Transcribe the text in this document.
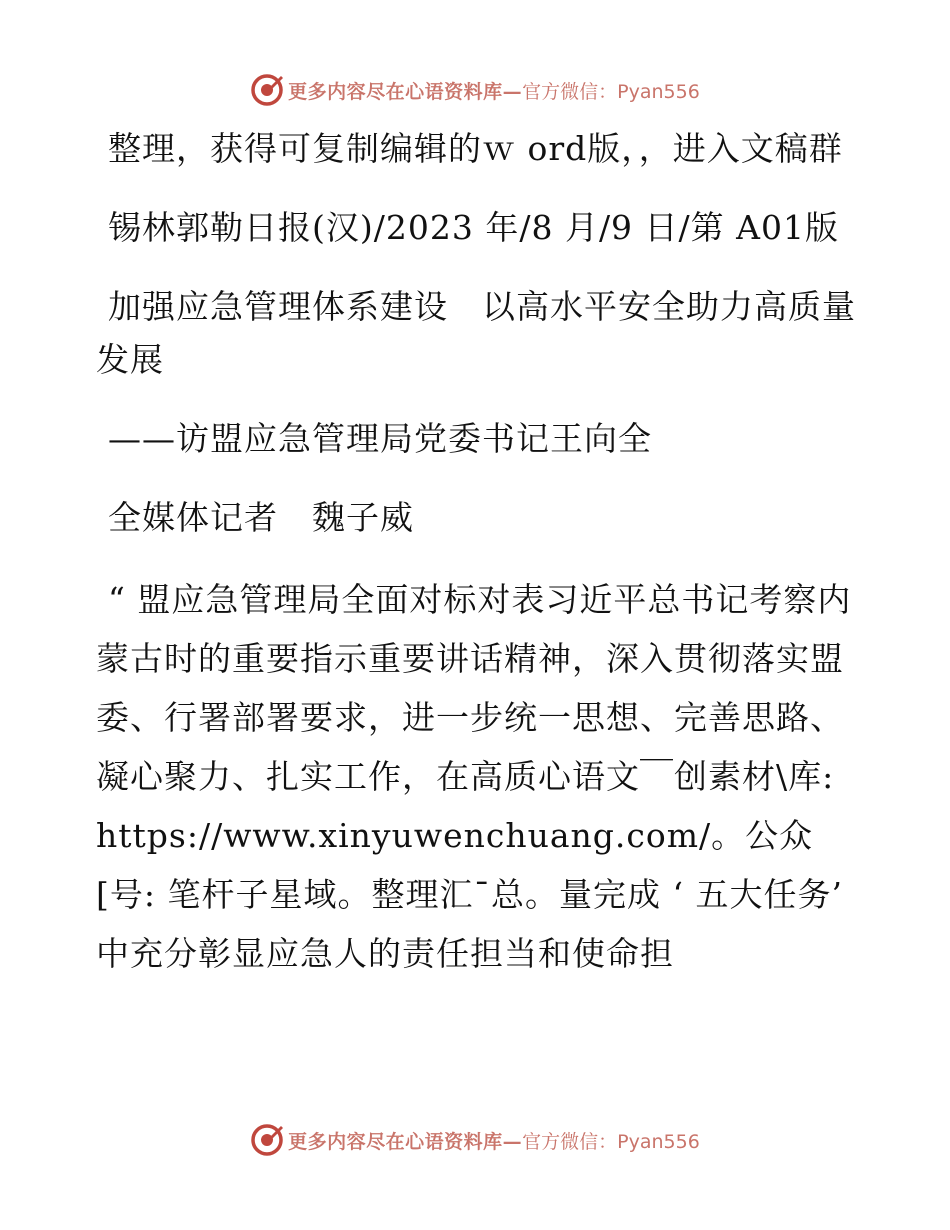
更多内容尽在心语资料库— 官方微信：Pyan556

整理，获得可复制编辑的ｗ ord版，，进入文稿群

锡林郭勒日报(汉)/2023 年/8 月/9 日/第 A01版

加强应急管理体系建设　以高水平安全助力高质量发展

——访盟应急管理局党委书记王向全

全媒体记者　魏子威

“ 盟应急管理局全面对标对表习近平总书记考察内蒙古时的重要指示重要讲话精神，深入贯彻落实盟委、行署部署要求，进一步统一思想、完善思路、凝心聚力、扎实工作，在高质心语文￣创素材\库: https://www.xinyuwenchuang.com/。公众[号: 笔杆子星域。整理汇ˉ总。量完成 ‘ 五大任务’　中充分彰显应急人的责任担当和使命担

更多内容尽在心语资料库— 官方微信：Pyan556
